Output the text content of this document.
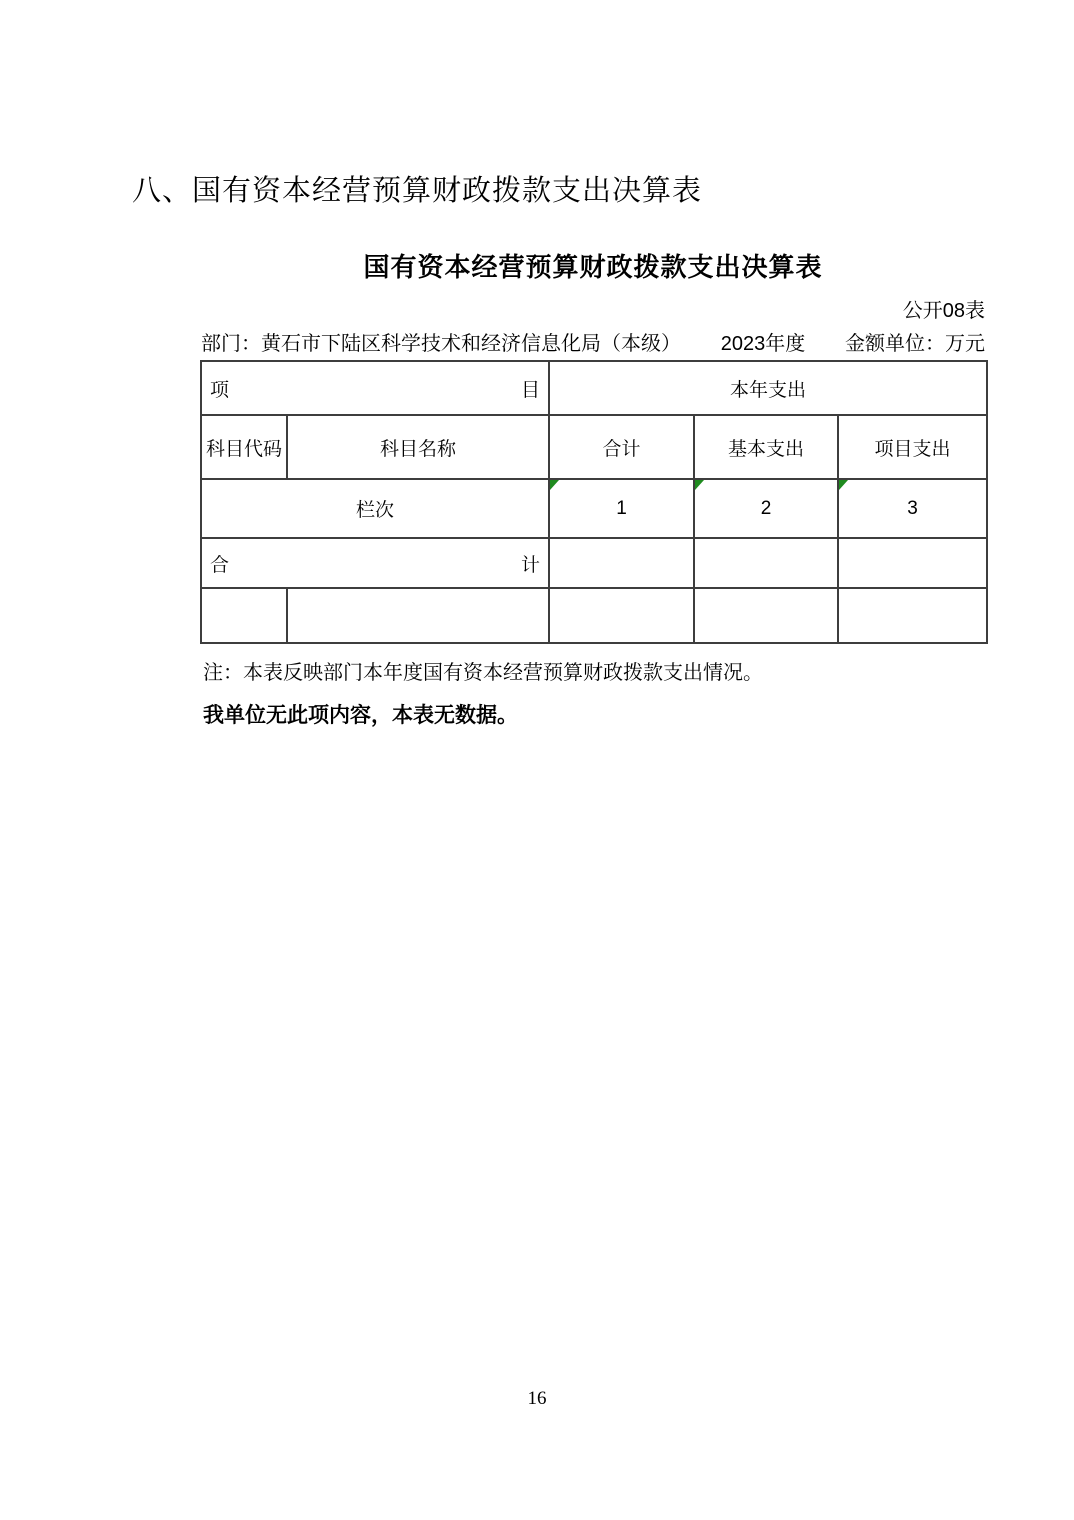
八、国有资本经营预算财政拨款支出决算表
国有资本经营预算财政拨款支出决算表
公开08表
部门：黄石市下陆区科学技术和经济信息化局（本级） 2023年度 金额单位：万元
项 目		本年支出		
科目代码	科目名称	合计	基本支出	项目支出
栏次		1	2	3

合 计				

注：本表反映部门本年度国有资本经营预算财政拨款支出情况。
我单位无此项内容，本表无数据。
16
